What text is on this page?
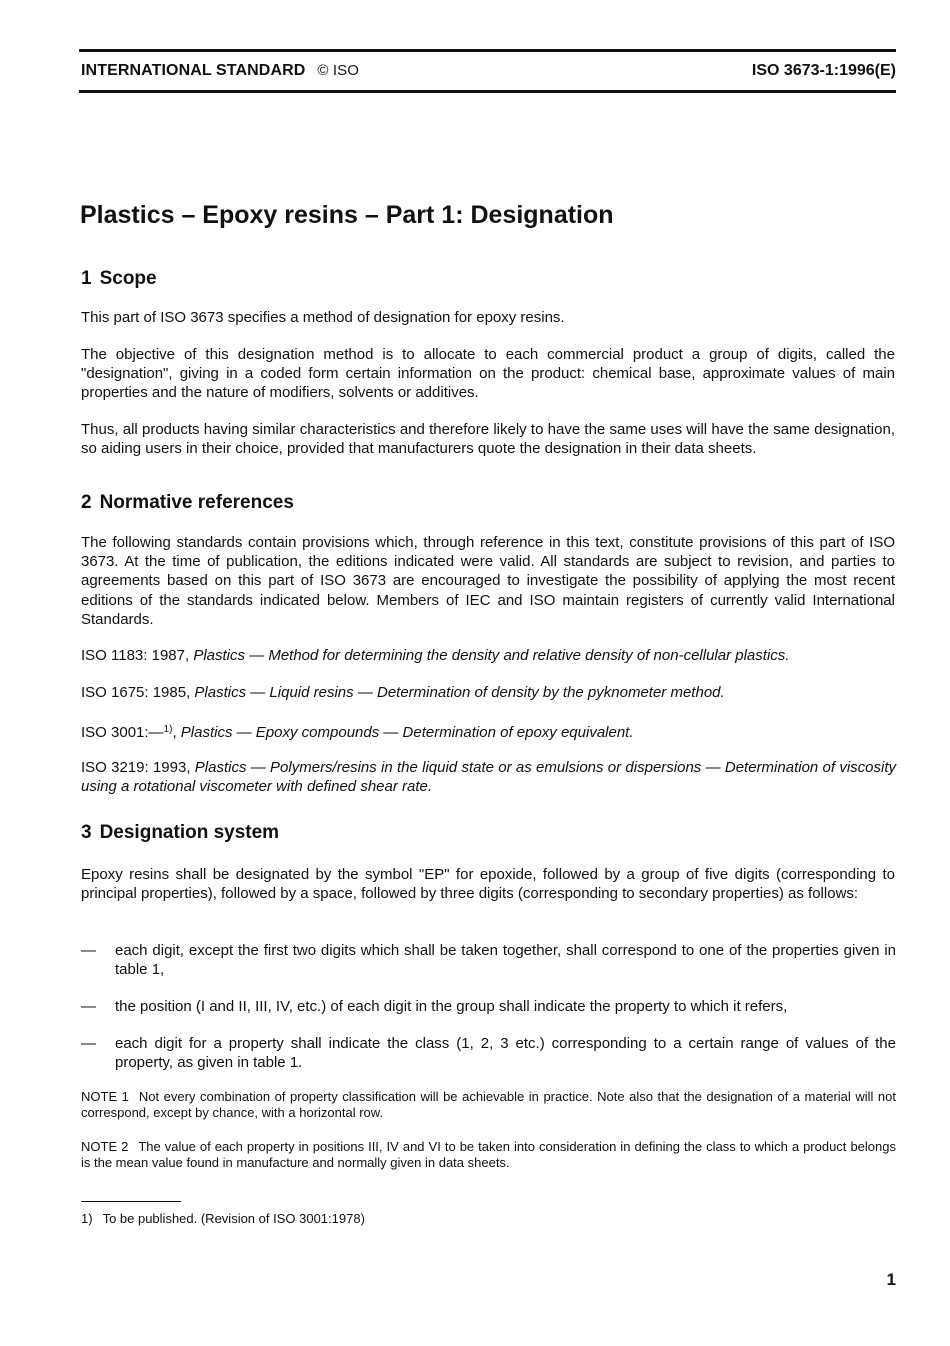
INTERNATIONAL STANDARD © ISO	ISO 3673-1:1996(E)
Plastics – Epoxy resins – Part 1: Designation
1 Scope

This part of ISO 3673 specifies a method of designation for epoxy resins.

The objective of this designation method is to allocate to each commercial product a group of digits, called the "designation", giving in a coded form certain information on the product: chemical base, approximate values of main properties and the nature of modifiers, solvents or additives.

Thus, all products having similar characteristics and therefore likely to have the same uses will have the same designation, so aiding users in their choice, provided that manufacturers quote the designation in their data sheets.

2 Normative references

The following standards contain provisions which, through reference in this text, constitute provisions of this part of ISO 3673. At the time of publication, the editions indicated were valid. All standards are subject to revision, and parties to agreements based on this part of ISO 3673 are encouraged to investigate the possibility of applying the most recent editions of the standards indicated below. Members of IEC and ISO maintain registers of currently valid International Standards.

ISO 1183: 1987, Plastics — Method for determining the density and relative density of non-cellular plastics.

ISO 1675: 1985, Plastics — Liquid resins — Determination of density by the pyknometer method.

ISO 3001:—$^{1)}$, Plastics — Epoxy compounds — Determination of epoxy equivalent.

ISO 3219: 1993, Plastics — Polymers/resins in the liquid state or as emulsions or dispersions — Determination of viscosity using a rotational viscometer with defined shear rate.

3 Designation system

Epoxy resins shall be designated by the symbol "EP" for epoxide, followed by a group of five digits (corresponding to principal properties), followed by a space, followed by three digits (corresponding to secondary properties) as follows:

— each digit, except the first two digits which shall be taken together, shall correspond to one of the properties given in table 1,
— the position (I and II, III, IV, etc.) of each digit in the group shall indicate the property to which it refers,
— each digit for a property shall indicate the class (1, 2, 3 etc.) corresponding to a certain range of values of the property, as given in table 1.

NOTE 1 Not every combination of property classification will be achievable in practice. Note also that the designation of a material will not correspond, except by chance, with a horizontal row.

NOTE 2 The value of each property in positions III, IV and VI to be taken into consideration in defining the class to which a product belongs is the mean value found in manufacture and normally given in data sheets.

1) To be published. (Revision of ISO 3001:1978)

1
